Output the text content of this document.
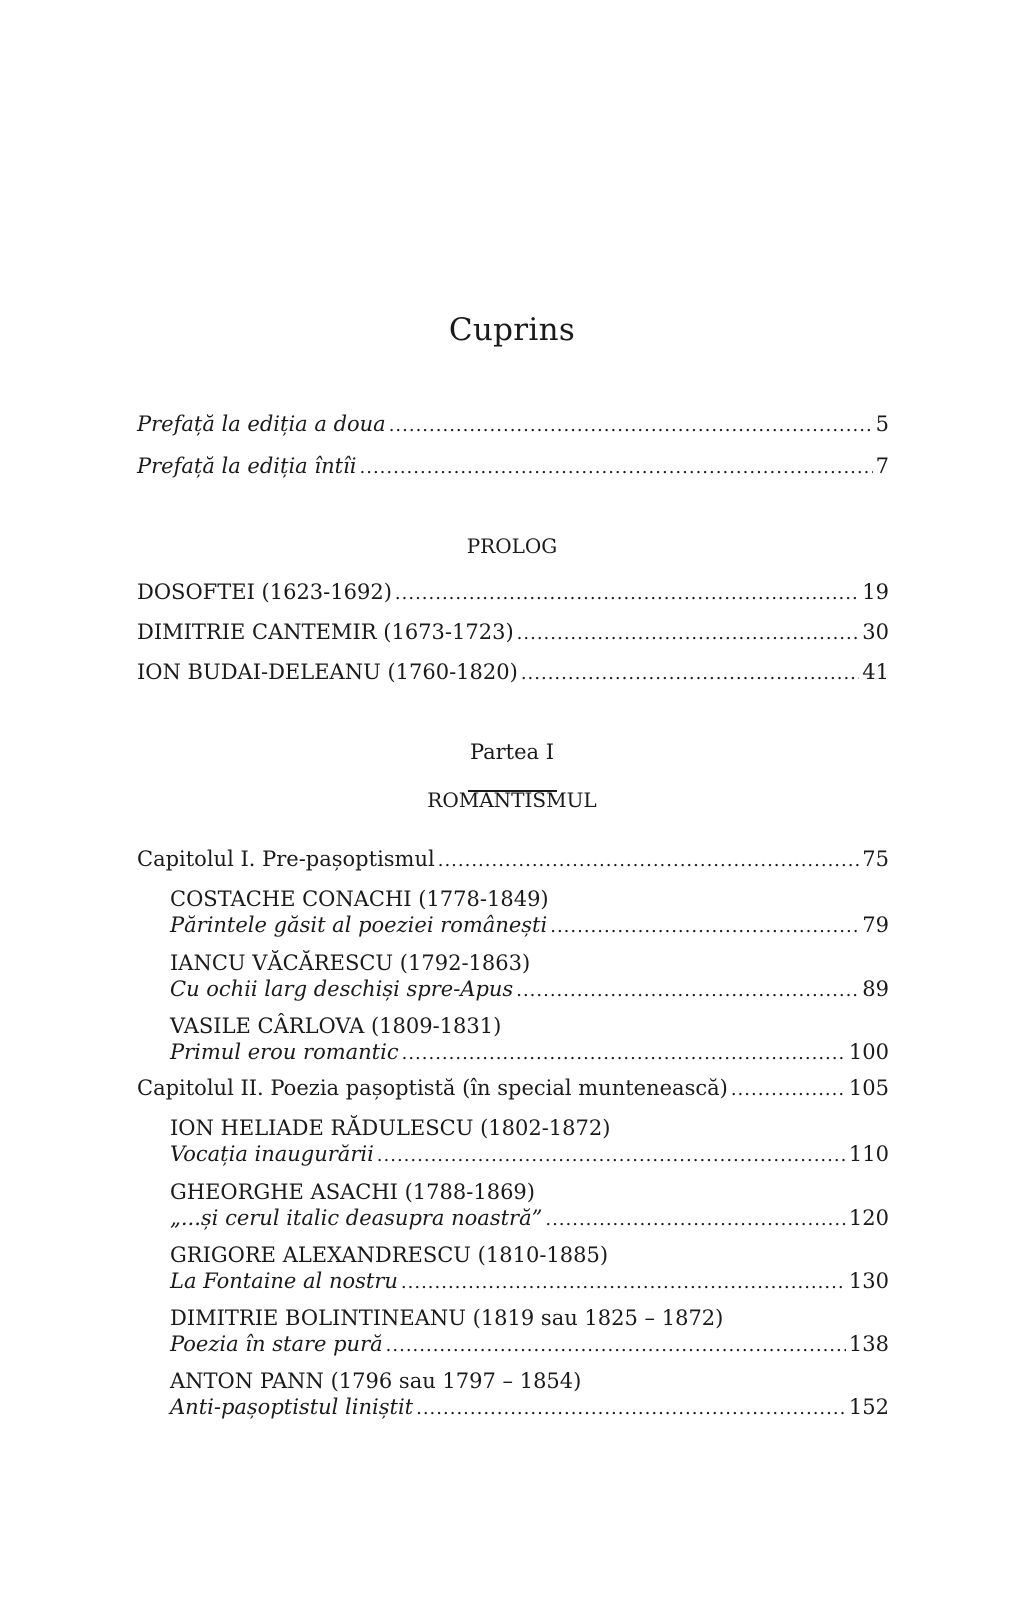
Cuprins
Prefață la ediția a doua .....	5
Prefață la ediția întîi .....	7
PROLOG
DOSOFTEI (1623-1692) .....	19
DIMITRIE CANTEMIR (1673-1723) .....	30
ION BUDAI-DELEANU (1760-1820) .....	41
Partea I
ROMANTISMUL
Capitolul I. Pre-pașoptismul .....	75
COSTACHE CONACHI (1778-1849)
Părintele găsit al poeziei românești .....	79
IANCU VĂCĂRESCU (1792-1863)
Cu ochii larg deschiși spre-Apus .....	89
VASILE CÂRLOVA (1809-1831)
Primul erou romantic .....	100
Capitolul II. Poezia pașoptistă (în special muntenească) .....	105
ION HELIADE RĂDULESCU (1802-1872)
Vocația inaugurării .....	110
GHEORGHE ASACHI (1788-1869)
„...și cerul italic deasupra noastră” .....	120
GRIGORE ALEXANDRESCU (1810-1885)
La Fontaine al nostru .....	130
DIMITRIE BOLINTINEANU (1819 sau 1825 – 1872)
Poezia în stare pură .....	138
ANTON PANN (1796 sau 1797 – 1854)
Anti-pașoptistul liniștit .....	152
